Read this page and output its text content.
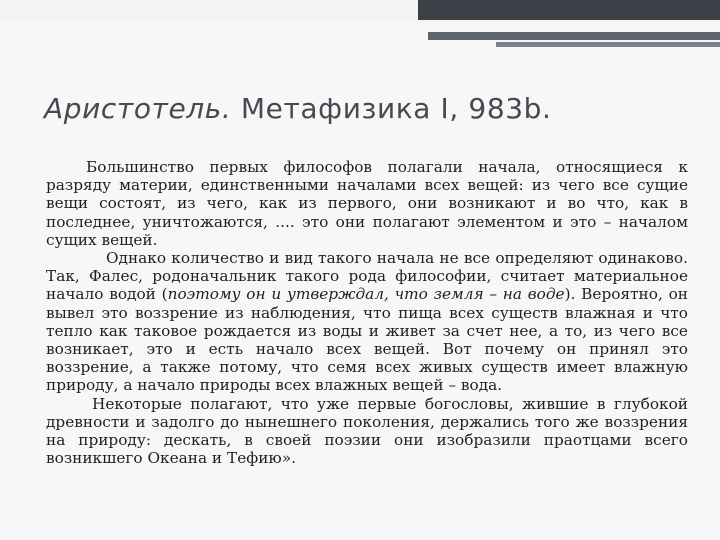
Аристотель. Метафизика I, 983b.

Большинство первых философов полагали начала, относящиеся к разряду материи, единственными началами всех вещей: из чего все сущие вещи состоят, из чего, как из первого, они возникают и во что, как в последнее, уничтожаются, .... это они полагают элементом и это – началом сущих вещей.

Однако количество и вид такого начала не все определяют одинаково. Так, Фалес, родоначальник такого рода философии, считает материальное начало водой (поэтому он и утверждал, что земля – на воде). Вероятно, он вывел это воззрение из наблюдения, что пища всех существ влажная и что тепло как таковое рождается из воды и живет за счет нее, а то, из чего все возникает, это и есть начало всех вещей. Вот почему он принял это воззрение, а также потому, что семя всех живых существ имеет влажную природу, а начало природы всех влажных вещей – вода.

Некоторые полагают, что уже первые богословы, жившие в глубокой древности и задолго до нынешнего поколения, держались того же воззрения на природу: дескать, в своей поэзии они изобразили праотцами всего возникшего Океана и Тефию».
